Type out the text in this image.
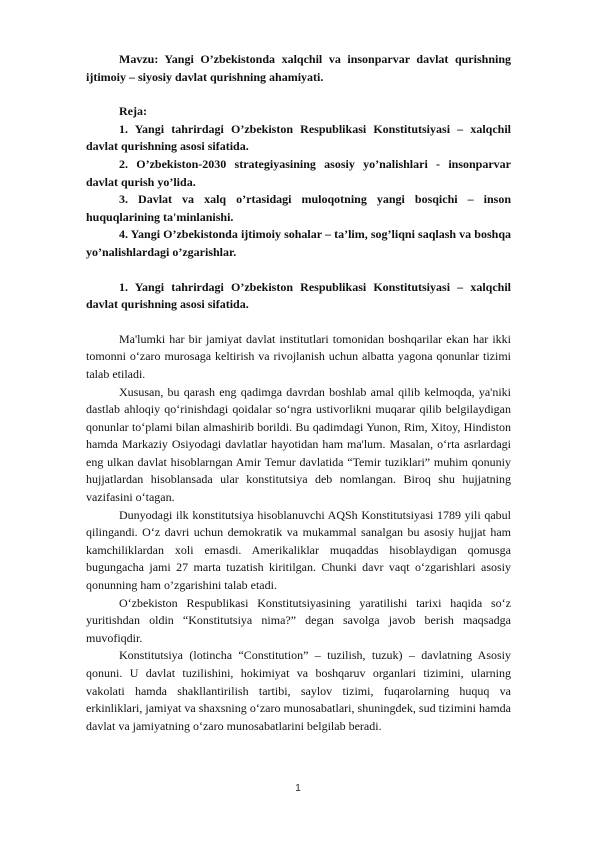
Mavzu: Yangi O’zbekistonda xalqchil va insonparvar davlat qurishning ijtimoiy – siyosiy davlat qurishning ahamiyati.

Reja:

1. Yangi tahrirdagi O’zbekiston Respublikasi Konstitutsiyasi – xalqchil davlat qurishning asosi sifatida.

2. O’zbekiston-2030 strategiyasining asosiy yo’nalishlari - insonparvar davlat qurish yo’lida.

3. Davlat va xalq o’rtasidagi muloqotning yangi bosqichi – inson huquqlarining ta'minlanishi.

4. Yangi O’zbekistonda ijtimoiy sohalar – ta’lim, sog’liqni saqlash va boshqa yo’nalishlardagi o’zgarishlar.

1. Yangi tahrirdagi O’zbekiston Respublikasi Konstitutsiyasi – xalqchil davlat qurishning asosi sifatida.

Ma'lumki har bir jamiyat davlat institutlari tomonidan boshqarilar ekan har ikki tomonni o‘zaro murosaga keltirish va rivojlanish uchun albatta yagona qonunlar tizimi talab etiladi.

Xususan, bu qarash eng qadimga davrdan boshlab amal qilib kelmoqda, ya'niki dastlab ahloqiy qo‘rinishdagi qoidalar so‘ngra ustivorlikni muqarar qilib belgilaydigan qonunlar to‘plami bilan almashirib borildi. Bu qadimdagi Yunon, Rim, Xitoy, Hindiston hamda Markaziy Osiyodagi davlatlar hayotidan ham ma'lum. Masalan, o‘rta asrlardagi eng ulkan davlat hisoblarngan Amir Temur davlatida “Temir tuziklari” muhim qonuniy hujjatlardan hisoblansada ular konstitutsiya deb nomlangan. Biroq shu hujjatning vazifasini o‘tagan.

Dunyodagi ilk konstitutsiya hisoblanuvchi AQSh Konstitutsiyasi 1789 yili qabul qilingandi. O‘z davri uchun demokratik va mukammal sanalgan bu asosiy hujjat ham kamchiliklardan xoli emasdi. Amerikaliklar muqaddas hisoblaydigan qomusga bugungacha jami 27 marta tuzatish kiritilgan. Chunki davr vaqt o‘zgarishlari asosiy qonunning ham o’zgarishini talab etadi.

O‘zbekiston Respublikasi Konstitutsiyasining yaratilishi tarixi haqida so‘z yuritishdan oldin “Konstitutsiya nima?” degan savolga javob berish maqsadga muvofiqdir.

Konstitutsiya (lotincha “Constitution” – tuzilish, tuzuk) – davlatning Asosiy qonuni. U davlat tuzilishini, hokimiyat va boshqaruv organlari tizimini, ularning vakolati hamda shakllantirilish tartibi, saylov tizimi, fuqarolarning huquq va erkinliklari, jamiyat va shaxsning o‘zaro munosabatlari, shuningdek, sud tizimini hamda davlat va jamiyatning o‘zaro munosabatlarini belgilab beradi.

1
